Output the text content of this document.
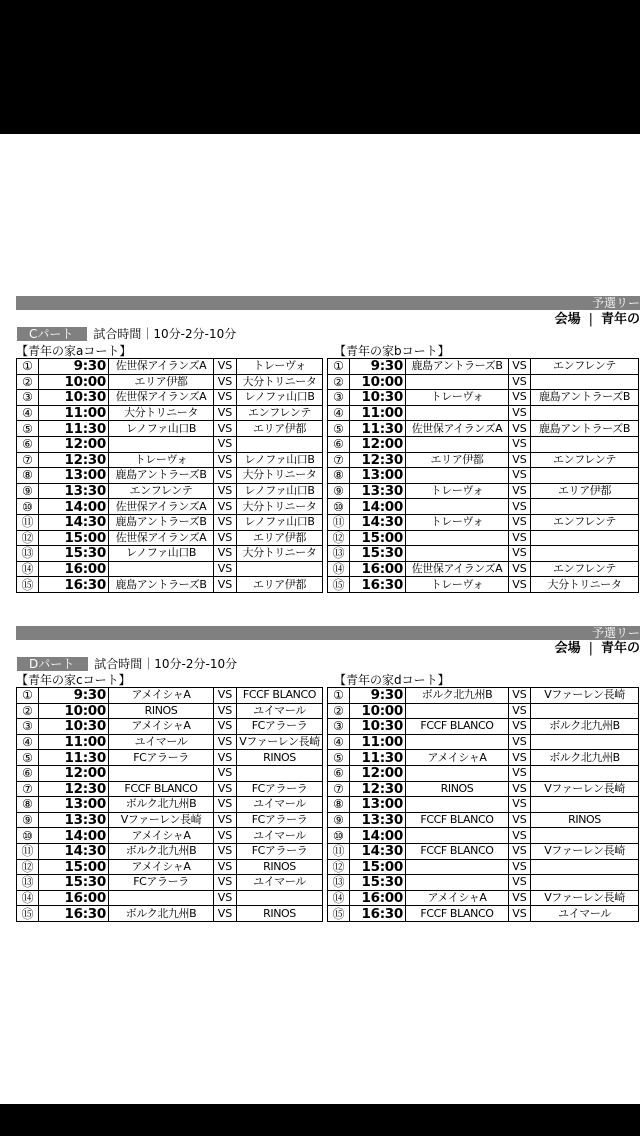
予選リー
会場 | 青年の
Cパート 試合時間｜10分-2分-10分
【青年の家aコート】	【青年の家bコート】
①	9:30	佐世保アイランズA	VS	トレーヴォ
②	10:00	エリア伊都	VS	大分トリニータ
③	10:30	佐世保アイランズA	VS	レノファ山口B
④	11:00	大分トリニータ	VS	エンフレンテ
⑤	11:30	レノファ山口B	VS	エリア伊都
⑥	12:00		VS	
⑦	12:30	トレーヴォ	VS	レノファ山口B
⑧	13:00	鹿島アントラーズB	VS	大分トリニータ
⑨	13:30	エンフレンテ	VS	レノファ山口B
⑩	14:00	佐世保アイランズA	VS	大分トリニータ
⑪	14:30	鹿島アントラーズB	VS	レノファ山口B
⑫	15:00	佐世保アイランズA	VS	エリア伊都
⑬	15:30	レノファ山口B	VS	大分トリニータ
⑭	16:00		VS	
⑮	16:30	鹿島アントラーズB	VS	エリア伊都
①	9:30	鹿島アントラーズB	VS	エンフレンテ
②	10:00		VS	
③	10:30	トレーヴォ	VS	鹿島アントラーズB
④	11:00		VS	
⑤	11:30	佐世保アイランズA	VS	鹿島アントラーズB
⑥	12:00		VS	
⑦	12:30	エリア伊都	VS	エンフレンテ
⑧	13:00		VS	
⑨	13:30	トレーヴォ	VS	エリア伊都
⑩	14:00		VS	
⑪	14:30	トレーヴォ	VS	エンフレンテ
⑫	15:00		VS	
⑬	15:30		VS	
⑭	16:00	佐世保アイランズA	VS	エンフレンテ
⑮	16:30	トレーヴォ	VS	大分トリニータ
予選リー
会場 | 青年の
Dパート 試合時間｜10分-2分-10分
【青年の家cコート】	【青年の家dコート】
①	9:30	アメイシャA	VS	FCCF BLANCO
②	10:00	RINOS	VS	ユイマール
③	10:30	アメイシャA	VS	FCアラーラ
④	11:00	ユイマール	VS	Vファーレン長崎
⑤	11:30	FCアラーラ	VS	RINOS
⑥	12:00		VS	
⑦	12:30	FCCF BLANCO	VS	FCアラーラ
⑧	13:00	ボルク北九州B	VS	ユイマール
⑨	13:30	Vファーレン長崎	VS	FCアラーラ
⑩	14:00	アメイシャA	VS	ユイマール
⑪	14:30	ボルク北九州B	VS	FCアラーラ
⑫	15:00	アメイシャA	VS	RINOS
⑬	15:30	FCアラーラ	VS	ユイマール
⑭	16:00		VS	
⑮	16:30	ボルク北九州B	VS	RINOS
①	9:30	ボルク北九州B	VS	Vファーレン長崎
②	10:00		VS	
③	10:30	FCCF BLANCO	VS	ボルク北九州B
④	11:00		VS	
⑤	11:30	アメイシャA	VS	ボルク北九州B
⑥	12:00		VS	
⑦	12:30	RINOS	VS	Vファーレン長崎
⑧	13:00		VS	
⑨	13:30	FCCF BLANCO	VS	RINOS
⑩	14:00		VS	
⑪	14:30	FCCF BLANCO	VS	Vファーレン長崎
⑫	15:00		VS	
⑬	15:30		VS	
⑭	16:00	アメイシャA	VS	Vファーレン長崎
⑮	16:30	FCCF BLANCO	VS	ユイマール
